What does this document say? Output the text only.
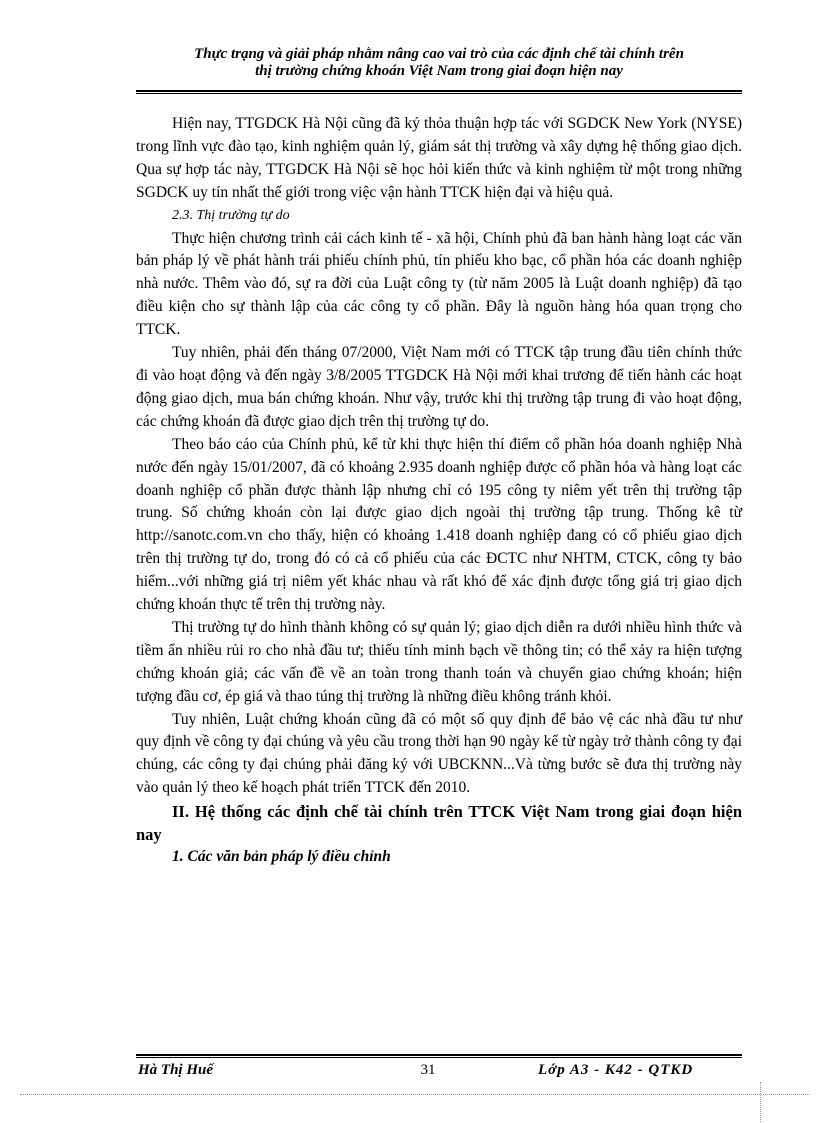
Thực trạng và giải pháp nhằm nâng cao vai trò của các định chế tài chính trên
thị trường chứng khoán Việt Nam trong giai đoạn hiện nay

Hiện nay, TTGDCK Hà Nội cũng đã ký thỏa thuận hợp tác với SGDCK New York (NYSE) trong lĩnh vực đào tạo, kinh nghiệm quản lý, giám sát thị trường và xây dựng hệ thống giao dịch. Qua sự hợp tác này, TTGDCK Hà Nội sẽ học hỏi kiến thức và kinh nghiệm từ một trong những SGDCK uy tín nhất thế giới trong việc vận hành TTCK hiện đại và hiệu quả.

2.3. Thị trường tự do

Thực hiện chương trình cải cách kinh tế - xã hội, Chính phủ đã ban hành hàng loạt các văn bản pháp lý về phát hành trái phiếu chính phủ, tín phiếu kho bạc, cổ phần hóa các doanh nghiệp nhà nước. Thêm vào đó, sự ra đời của Luật công ty (từ năm 2005 là Luật doanh nghiệp) đã tạo điều kiện cho sự thành lập của các công ty cổ phần. Đây là nguồn hàng hóa quan trọng cho TTCK.

Tuy nhiên, phải đến tháng 07/2000, Việt Nam mới có TTCK tập trung đầu tiên chính thức đi vào hoạt động và đến ngày 3/8/2005 TTGDCK Hà Nội mới khai trương để tiến hành các hoạt động giao dịch, mua bán chứng khoán. Như vậy, trước khi thị trường tập trung đi vào hoạt động, các chứng khoán đã được giao dịch trên thị trường tự do.

Theo báo cáo của Chính phủ, kể từ khi thực hiện thí điểm cổ phần hóa doanh nghiệp Nhà nước đến ngày 15/01/2007, đã có khoảng 2.935 doanh nghiệp được cổ phần hóa và hàng loạt các doanh nghiệp cổ phần được thành lập nhưng chỉ có 195 công ty niêm yết trên thị trường tập trung. Số chứng khoán còn lại được giao dịch ngoài thị trường tập trung. Thống kê từ http://sanotc.com.vn cho thấy, hiện có khoảng 1.418 doanh nghiệp đang có cổ phiếu giao dịch trên thị trường tự do, trong đó có cả cổ phiếu của các ĐCTC như NHTM, CTCK, công ty bảo hiểm...với những giá trị niêm yết khác nhau và rất khó để xác định được tổng giá trị giao dịch chứng khoán thực tế trên thị trường này.

Thị trường tự do hình thành không có sự quản lý; giao dịch diễn ra dưới nhiều hình thức và tiềm ẩn nhiều rủi ro cho nhà đầu tư; thiếu tính minh bạch về thông tin; có thể xảy ra hiện tượng chứng khoán giả; các vấn đề về an toàn trong thanh toán và chuyển giao chứng khoán; hiện tượng đầu cơ, ép giá và thao túng thị trường là những điều không tránh khỏi.

Tuy nhiên, Luật chứng khoán cũng đã có một số quy định để bảo vệ các nhà đầu tư như quy định về công ty đại chúng và yêu cầu trong thời hạn 90 ngày kể từ ngày trở thành công ty đại chúng, các công ty đại chúng phải đăng ký với UBCKNN...Và từng bước sẽ đưa thị trường này vào quản lý theo kế hoạch phát triển TTCK đến 2010.

II. Hệ thống các định chế tài chính trên TTCK Việt Nam trong giai đoạn hiện nay

1. Các văn bản pháp lý điều chỉnh

Hà Thị Huế	31	Lớp A3 - K42 - QTKD
